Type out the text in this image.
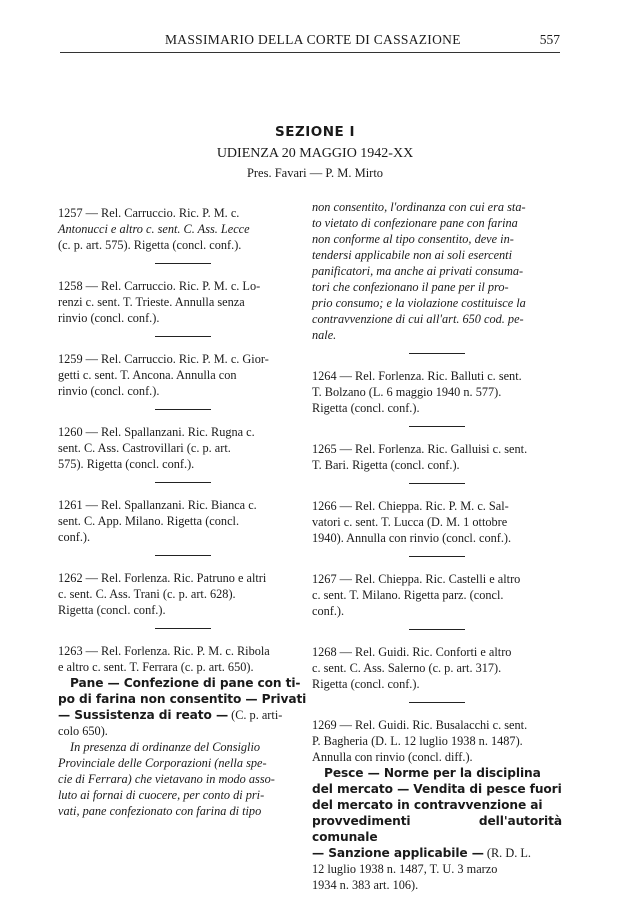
MASSIMARIO DELLA CORTE DI CASSAZIONE	557
SEZIONE I
UDIENZA 20 MAGGIO 1942-XX
Pres. Favari — P. M. Mirto

1257 — Rel. Carruccio. Ric. P. M. c.
Antonucci e altro c. sent. C. Ass. Lecce
(c. p. art. 575). Rigetta (concl. conf.).

1258 — Rel. Carruccio. Ric. P. M. c. Lo-
renzi c. sent. T. Trieste. Annulla senza
rinvio (concl. conf.).

1259 — Rel. Carruccio. Ric. P. M. c. Gior-
getti c. sent. T. Ancona. Annulla con
rinvio (concl. conf.).

1260 — Rel. Spallanzani. Ric. Rugna c.
sent. C. Ass. Castrovillari (c. p. art.
575). Rigetta (concl. conf.).

1261 — Rel. Spallanzani. Ric. Bianca c.
sent. C. App. Milano. Rigetta (concl.
conf.).

1262 — Rel. Forlenza. Ric. Patruno e altri
c. sent. C. Ass. Trani (c. p. art. 628).
Rigetta (concl. conf.).

1263 — Rel. Forlenza. Ric. P. M. c. Ribola
e altro c. sent. T. Ferrara (c. p. art. 650).
Pane — Confezione di pane con ti-
po di farina non consentito — Privati
— Sussistenza di reato — (C. p. arti-
colo 650).
In presenza di ordinanze del Consiglio
Provinciale delle Corporazioni (nella spe-
cie di Ferrara) che vietavano in modo asso-
luto ai fornai di cuocere, per conto di pri-
vati, pane confezionato con farina di tipo

non consentito, l'ordinanza con cui era sta-
to vietato di confezionare pane con farina
non conforme al tipo consentito, deve in-
tendersi applicabile non ai soli esercenti
panificatori, ma anche ai privati consuma-
tori che confezionano il pane per il pro-
prio consumo; e la violazione costituisce la
contravvenzione di cui all'art. 650 cod. pe-
nale.

1264 — Rel. Forlenza. Ric. Balluti c. sent.
T. Bolzano (L. 6 maggio 1940 n. 577).
Rigetta (concl. conf.).

1265 — Rel. Forlenza. Ric. Galluisi c. sent.
T. Bari. Rigetta (concl. conf.).

1266 — Rel. Chieppa. Ric. P. M. c. Sal-
vatori c. sent. T. Lucca (D. M. 1 ottobre
1940). Annulla con rinvio (concl. conf.).

1267 — Rel. Chieppa. Ric. Castelli e altro
c. sent. T. Milano. Rigetta parz. (concl.
conf.).

1268 — Rel. Guidi. Ric. Conforti e altro
c. sent. C. Ass. Salerno (c. p. art. 317).
Rigetta (concl. conf.).

1269 — Rel. Guidi. Ric. Busalacchi c. sent.
P. Bagheria (D. L. 12 luglio 1938 n. 1487).
Annulla con rinvio (concl. diff.).
Pesce — Norme per la disciplina
del mercato — Vendita di pesce fuori
del mercato in contravvenzione ai
provvedimenti dell'autorità comunale
— Sanzione applicabile — (R. D. L.
12 luglio 1938 n. 1487, T. U. 3 marzo
1934 n. 383 art. 106).
